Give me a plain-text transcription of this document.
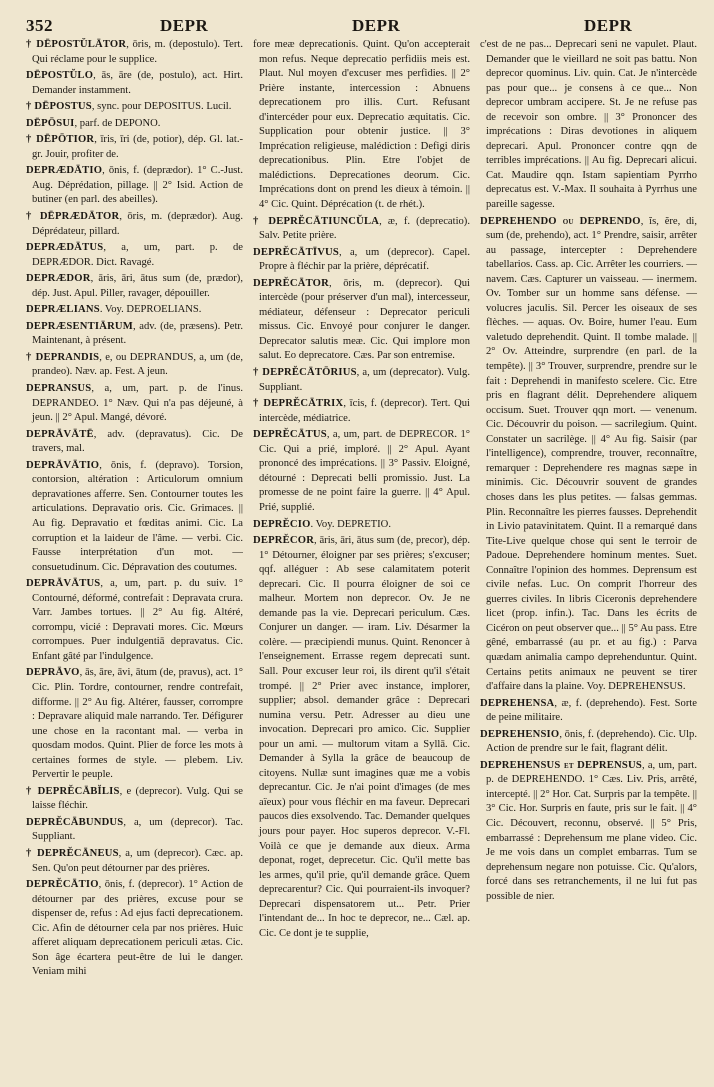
352	DEPR	DEPR	DEPR

† DĒPOSTŬLĀTOR, ōris, m. (depostulo). Tert. Qui réclame pour le supplice.

DĒPOSTŬLO, ās, āre (de, postulo), act. Hirt. Demander instamment.

† DĒPOSTUS, sync. pour DEPOSITUS. Lucil.

DĒPŌSUI, parf. de DEPONO.

† DĒPŌTIOR, īris, īri (de, potior), dép. Gl. lat.-gr. Jouir, profiter de.

DEPRÆDĀTIO, ōnis, f. (deprædor). 1° C.-Just. Aug. Déprédation, pillage. || 2° Isid. Action de butiner (en parl. des abeilles).

† DĒPRÆDĀTOR, ōris, m. (deprædor). Aug. Déprédateur, pillard.

DEPRÆDĀTUS, a, um, part. p. de DEPRÆDOR. Dict. Ravagé.

DEPRÆDOR, āris, āri, ātus sum (de, prædor), dép. Just. Apul. Piller, ravager, dépouiller.

DEPRÆLIANS. Voy. DEPROELIANS.

DEPRÆSENTIĀRUM, adv. (de, præsens). Petr. Maintenant, à présent.

† DEPRANDIS, e, ou DEPRANDUS, a, um (de, prandeo). Næv. ap. Fest. A jeun.

DEPRANSUS, a, um, part. p. de l'inus. DEPRANDEO. 1° Næv. Qui n'a pas déjeuné, à jeun. || 2° Apul. Mangé, dévoré.

DEPRĀVĀTĒ, adv. (depravatus). Cic. De travers, mal.

DEPRĀVĀTIO, ōnis, f. (depravo). Torsion, contorsion, altération : Articulorum omnium depravationes afferre. Sen. Contourner toutes les articulations. Depravatio oris. Cic. Grimaces. || Au fig. Depravatio et fœditas animi. Cic. La corruption et la laideur de l'âme. — verbi. Cic. Fausse interprétation d'un mot. — consuetudinum. Cic. Dépravation des coutumes.

DEPRĀVĀTUS, a, um, part. p. du suiv. 1° Contourné, déformé, contrefait : Depravata crura. Varr. Jambes tortues. || 2° Au fig. Altéré, corrompu, vicié : Depravati mores. Cic. Mœurs corrompues. Puer indulgentiā depravatus. Cic. Enfant gâté par l'indulgence.

DEPRĀVO, ās, āre, āvi, ātum (de, pravus), act. 1° Cic. Plin. Tordre, contourner, rendre contrefait, difforme. || 2° Au fig. Altérer, fausser, corrompre : Depravare aliquid male narrando. Ter. Défigurer une chose en la racontant mal. — verba in quosdam modos. Quint. Plier de force les mots à certaines formes de style. — plebem. Liv. Pervertir le peuple.

† DEPRĔCĀBĬLIS, e (deprecor). Vulg. Qui se laisse fléchir.

DEPRĔCĀBUNDUS, a, um (deprecor). Tac. Suppliant.

† DEPRĔCĀNEUS, a, um (deprecor). Cæc. ap. Sen. Qu'on peut détourner par des prières.

DEPRĔCĀTIO, ōnis, f. (deprecor). 1° Action de détourner par des prières, excuse pour se dispenser de, refus : Ad ejus facti deprecationem. Cic. Afin de détourner cela par nos prières. Huic afferet aliquam deprecationem periculi ætas. Cic. Son âge écartera peut-être de lui le danger. Veniam mihi

fore meæ deprecationis. Quint. Qu'on accepterait mon refus. Neque deprecatio perfidiis meis est. Plaut. Nul moyen d'excuser mes perfidies. || 2° Prière instante, intercession : Abnuens deprecationem pro illis. Curt. Refusant d'intercéder pour eux. Deprecatio æquitatis. Cic. Supplication pour obtenir justice. || 3° Imprécation religieuse, malédiction : Defigi diris deprecationibus. Plin. Etre l'objet de malédictions. Deprecationes deorum. Cic. Imprécations dont on prend les dieux à témoin. || 4° Cic. Quint. Déprécation (t. de rhét.).

† DEPRĔCĀTIUNCŬLA, æ, f. (deprecatio). Salv. Petite prière.

DEPRĔCĀTĪVUS, a, um (deprecor). Capel. Propre à fléchir par la prière, déprécatif.

DEPRĔCĀTOR, ōris, m. (deprecor). Qui intercède (pour préserver d'un mal), intercesseur, médiateur, défenseur : Deprecator periculi missus. Cic. Envoyé pour conjurer le danger. Deprecator salutis meæ. Cic. Qui implore mon salut. Eo deprecatore. Cæs. Par son entremise.

† DEPRĔCĀTŌRIUS, a, um (deprecator). Vulg. Suppliant.

† DEPRĔCĀTRIX, īcis, f. (deprecor). Tert. Qui intercède, médiatrice.

DEPRĔCĀTUS, a, um, part. de DEPRECOR. 1° Cic. Qui a prié, imploré. || 2° Apul. Ayant prononcé des imprécations. || 3° Passiv. Eloigné, détourné : Deprecati belli promissio. Just. La promesse de ne point faire la guerre. || 4° Apul. Prié, supplié.

DEPRĔCIO. Voy. DEPRETIO.

DEPRĔCOR, āris, āri, ātus sum (de, precor), dép. 1° Détourner, éloigner par ses prières; s'excuser; qqf. alléguer : Ab sese calamitatem poterit deprecari. Cic. Il pourra éloigner de soi ce malheur. Mortem non deprecor. Ov. Je ne demande pas la vie. Deprecari periculum. Cæs. Conjurer un danger. — iram. Liv. Désarmer la colère. — præcipiendi munus. Quint. Renoncer à l'enseignement. Errasse regem deprecati sunt. Sall. Pour excuser leur roi, ils dirent qu'il s'était trompé. || 2° Prier avec instance, implorer, supplier; absol. demander grâce : Deprecari numina versu. Petr. Adresser au dieu une invocation. Deprecari pro amico. Cic. Supplier pour un ami. — multorum vitam a Syllā. Cic. Demander à Sylla la grâce de beaucoup de citoyens. Nullæ sunt imagines quæ me a vobis deprecantur. Cic. Je n'ai point d'images (de mes aïeux) pour vous fléchir en ma faveur. Deprecari paucos dies exsolvendo. Tac. Demander quelques jours pour payer. Hoc superos deprecor. V.-Fl. Voilà ce que je demande aux dieux. Arma deponat, roget, deprecetur. Cic. Qu'il mette bas les armes, qu'il prie, qu'il demande grâce. Quem deprecarentur? Cic. Qui pourraient-ils invoquer? Deprecari dispensatorem ut... Petr. Prier l'intendant de... In hoc te deprecor, ne... Cæl. ap. Cic. Ce dont je te supplie,

c'est de ne pas... Deprecari seni ne vapulet. Plaut. Demander que le vieillard ne soit pas battu. Non deprecor quominus. Liv. quin. Cat. Je n'intercède pas pour que... je consens à ce que... Non deprecor umbram accipere. St. Je ne refuse pas de recevoir son ombre. || 3° Prononcer des imprécations : Diras devotiones in aliquem deprecari. Apul. Prononcer contre qqn de terribles imprécations. || Au fig. Deprecari alicui. Cat. Maudire qqn. Istam sapientiam Pyrrho deprecatus est. V.-Max. Il souhaita à Pyrrhus une pareille sagesse.

DEPREHENDO ou DEPRENDO, ĭs, ĕre, di, sum (de, prehendo), act. 1° Prendre, saisir, arrêter au passage, intercepter : Deprehendere tabellarios. Cass. ap. Cic. Arrêter les courriers. — navem. Cæs. Capturer un vaisseau. — inermem. Ov. Tomber sur un homme sans défense. — volucres jaculis. Sil. Percer les oiseaux de ses flèches. — aquas. Ov. Boire, humer l'eau. Eum valetudo deprehendit. Quint. Il tombe malade. || 2° Ov. Atteindre, surprendre (en parl. de la tempête). || 3° Trouver, surprendre, prendre sur le fait : Deprehendi in manifesto scelere. Cic. Etre pris en flagrant délit. Deprehendere aliquem occisum. Suet. Trouver qqn mort. — venenum. Cic. Découvrir du poison. — sacrilegium. Quint. Constater un sacrilège. || 4° Au fig. Saisir (par l'intelligence), comprendre, trouver, reconnaître, remarquer : Deprehendere res magnas sæpe in minimis. Cic. Découvrir souvent de grandes choses dans les plus petites. — falsas gemmas. Plin. Reconnaître les pierres fausses. Deprehendit in Livio patavinitatem. Quint. Il a remarqué dans Tite-Live quelque chose qui sent le terroir de Padoue. Deprehendere hominum mentes. Suet. Connaître l'opinion des hommes. Deprensum est civile nefas. Luc. On comprit l'horreur des guerres civiles. In libris Ciceronis deprehendere licet (prop. infin.). Tac. Dans les écrits de Cicéron on peut observer que... || 5° Au pass. Etre gêné, embarrassé (au pr. et au fig.) : Parva quædam animalia campo deprehenduntur. Quint. Certains petits animaux ne peuvent se tirer d'affaire dans la plaine. Voy. DEPREHENSUS.

DEPREHENSA, æ, f. (deprehendo). Fest. Sorte de peine militaire.

DEPREHENSIO, ōnis, f. (deprehendo). Cic. Ulp. Action de prendre sur le fait, flagrant délit.

DEPREHENSUS et DEPRENSUS, a, um, part. p. de DEPREHENDO. 1° Cæs. Liv. Pris, arrêté, intercepté. || 2° Hor. Cat. Surpris par la tempête. || 3° Cic. Hor. Surpris en faute, pris sur le fait. || 4° Cic. Découvert, reconnu, observé. || 5° Pris, embarrassé : Deprehensum me plane video. Cic. Je me vois dans un complet embarras. Tum se deprehensum negare non potuisse. Cic. Qu'alors, forcé dans ses retranchements, il ne lui fut pas possible de nier.
